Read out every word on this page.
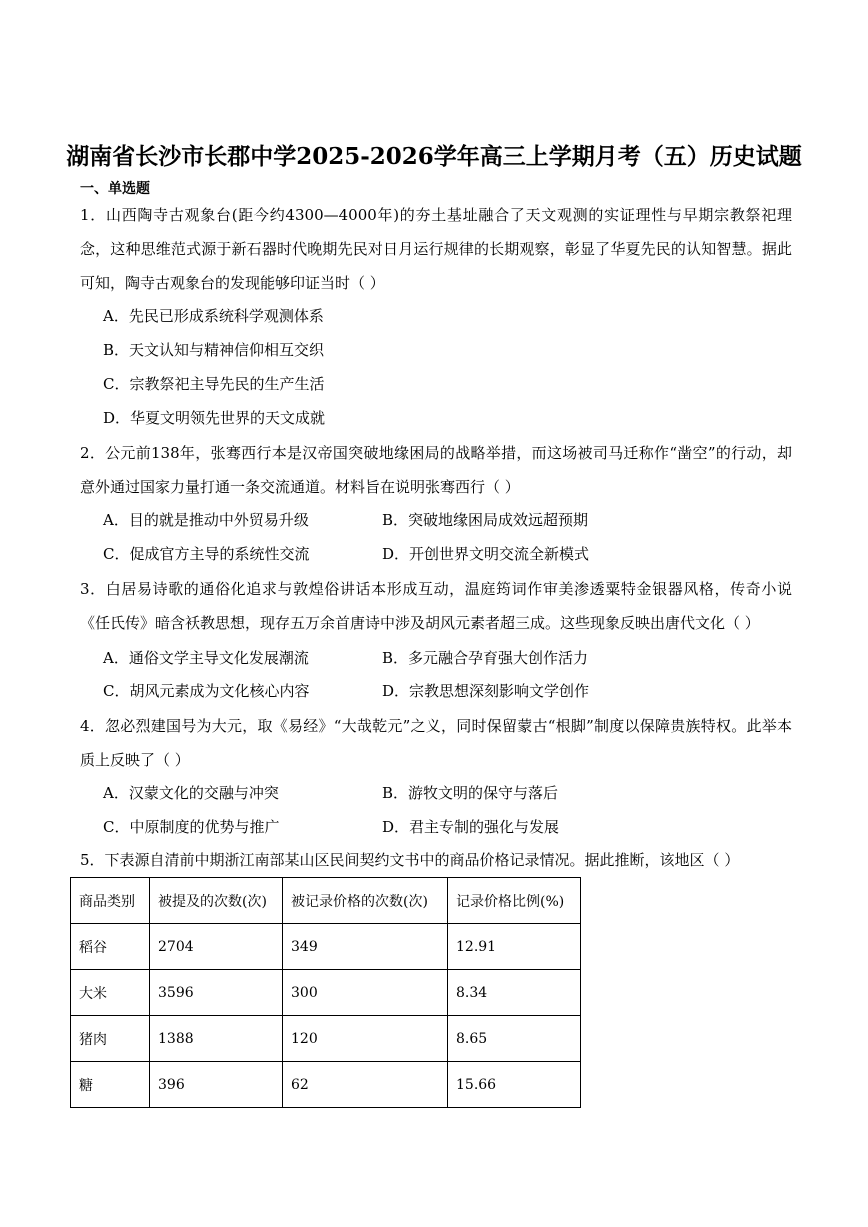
湖南省长沙市长郡中学2025-2026学年高三上学期月考（五）历史试题
一、单选题
1．山西陶寺古观象台(距今约4300—4000年)的夯土基址融合了天文观测的实证理性与早期宗教祭祀理念，这种思维范式源于新石器时代晚期先民对日月运行规律的长期观察，彰显了华夏先民的认知智慧。据此可知，陶寺古观象台的发现能够印证当时（ ）
A．先民已形成系统科学观测体系
B．天文认知与精神信仰相互交织
C．宗教祭祀主导先民的生产生活
D．华夏文明领先世界的天文成就
2．公元前138年，张骞西行本是汉帝国突破地缘困局的战略举措，而这场被司马迁称作“凿空”的行动，却意外通过国家力量打通一条交流通道。材料旨在说明张骞西行（ ）
A．目的就是推动中外贸易升级	B．突破地缘困局成效远超预期
C．促成官方主导的系统性交流	D．开创世界文明交流全新模式
3．白居易诗歌的通俗化追求与敦煌俗讲话本形成互动，温庭筠词作审美渗透粟特金银器风格，传奇小说《任氏传》暗含袄教思想，现存五万余首唐诗中涉及胡风元素者超三成。这些现象反映出唐代文化（ ）
A．通俗文学主导文化发展潮流	B．多元融合孕育强大创作活力
C．胡风元素成为文化核心内容	D．宗教思想深刻影响文学创作
4．忽必烈建国号为大元，取《易经》“大哉乾元”之义，同时保留蒙古“根脚”制度以保障贵族特权。此举本质上反映了（ ）
A．汉蒙文化的交融与冲突	B．游牧文明的保守与落后
C．中原制度的优势与推广	D．君主专制的强化与发展
5．下表源自清前中期浙江南部某山区民间契约文书中的商品价格记录情况。据此推断，该地区（ ）
商品类别	被提及的次数(次)	被记录价格的次数(次)	记录价格比例(%)
稻谷	2704	349	12.91
大米	3596	300	8.34
猪肉	1388	120	8.65
糖	396	62	15.66
